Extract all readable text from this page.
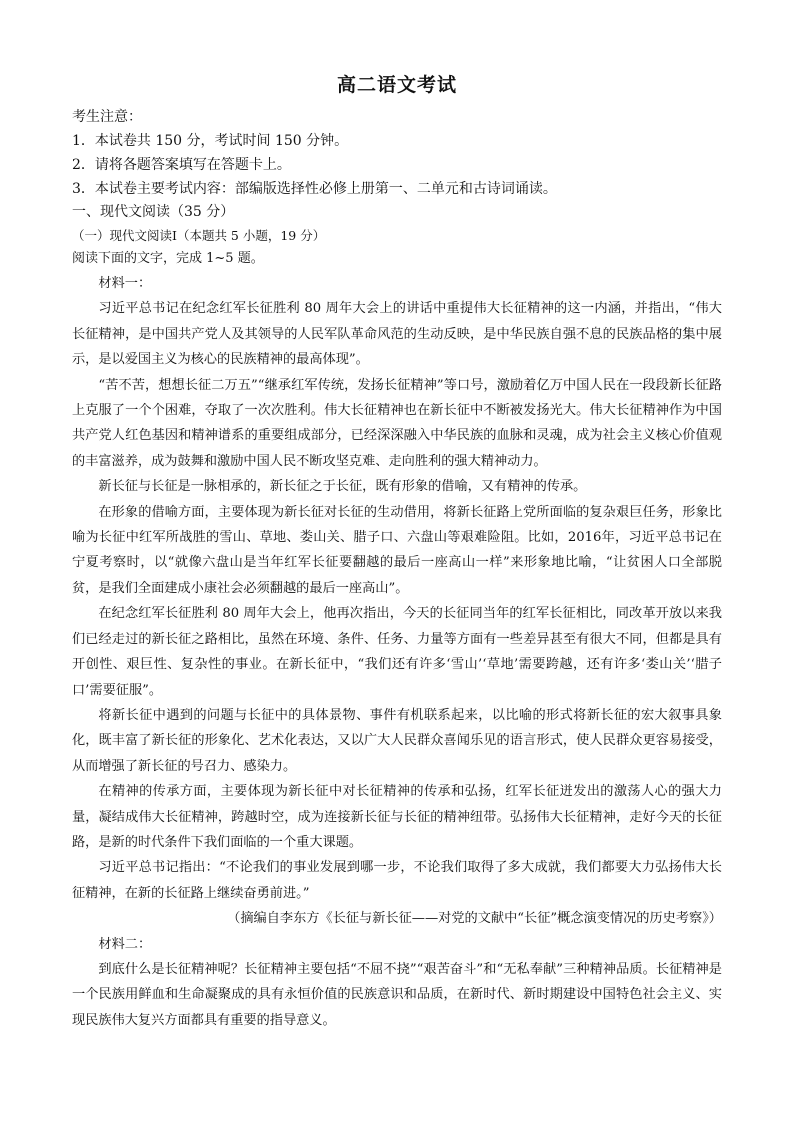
高二语文考试

考生注意：

1．本试卷共 150 分，考试时间 150 分钟。

2．请将各题答案填写在答题卡上。

3．本试卷主要考试内容：部编版选择性必修上册第一、二单元和古诗词诵读。

一、现代文阅读（35 分）

（一）现代文阅读I（本题共 5 小题，19 分）

阅读下面的文字，完成 1~5 题。

材料一：

习近平总书记在纪念红军长征胜利 80 周年大会上的讲话中重提伟大长征精神的这一内涵，并指出，“伟大长征精神，是中国共产党人及其领导的人民军队革命风范的生动反映，是中华民族自强不息的民族品格的集中展示，是以爱国主义为核心的民族精神的最高体现”。

“苦不苦，想想长征二万五”“继承红军传统，发扬长征精神”等口号，激励着亿万中国人民在一段段新长征路上克服了一个个困难，夺取了一次次胜利。伟大长征精神也在新长征中不断被发扬光大。伟大长征精神作为中国共产党人红色基因和精神谱系的重要组成部分，已经深深融入中华民族的血脉和灵魂，成为社会主义核心价值观的丰富滋养，成为鼓舞和激励中国人民不断攻坚克难、走向胜利的强大精神动力。

新长征与长征是一脉相承的，新长征之于长征，既有形象的借喻，又有精神的传承。

在形象的借喻方面，主要体现为新长征对长征的生动借用，将新长征路上党所面临的复杂艰巨任务，形象比喻为长征中红军所战胜的雪山、草地、娄山关、腊子口、六盘山等艰难险阻。比如，2016年，习近平总书记在宁夏考察时，以“就像六盘山是当年红军长征要翻越的最后一座高山一样”来形象地比喻，“让贫困人口全部脱贫，是我们全面建成小康社会必须翻越的最后一座高山”。

在纪念红军长征胜利 80 周年大会上，他再次指出，今天的长征同当年的红军长征相比，同改革开放以来我们已经走过的新长征之路相比，虽然在环境、条件、任务、力量等方面有一些差异甚至有很大不同，但都是具有开创性、艰巨性、复杂性的事业。在新长征中，“我们还有许多‘雪山’‘草地’需要跨越，还有许多‘娄山关’‘腊子口’需要征服”。

将新长征中遇到的问题与长征中的具体景物、事件有机联系起来，以比喻的形式将新长征的宏大叙事具象化，既丰富了新长征的形象化、艺术化表达，又以广大人民群众喜闻乐见的语言形式，使人民群众更容易接受，从而增强了新长征的号召力、感染力。

在精神的传承方面，主要体现为新长征中对长征精神的传承和弘扬，红军长征迸发出的激荡人心的强大力量，凝结成伟大长征精神，跨越时空，成为连接新长征与长征的精神纽带。弘扬伟大长征精神，走好今天的长征路，是新的时代条件下我们面临的一个重大课题。

习近平总书记指出：“不论我们的事业发展到哪一步，不论我们取得了多大成就，我们都要大力弘扬伟大长征精神，在新的长征路上继续奋勇前进。”

（摘编自李东方《长征与新长征——对党的文献中“长征”概念演变情况的历史考察》）

材料二：

到底什么是长征精神呢？长征精神主要包括“不屈不挠”“艰苦奋斗”和“无私奉献”三种精神品质。长征精神是一个民族用鲜血和生命凝聚成的具有永恒价值的民族意识和品质，在新时代、新时期建设中国特色社会主义、实现民族伟大复兴方面都具有重要的指导意义。
